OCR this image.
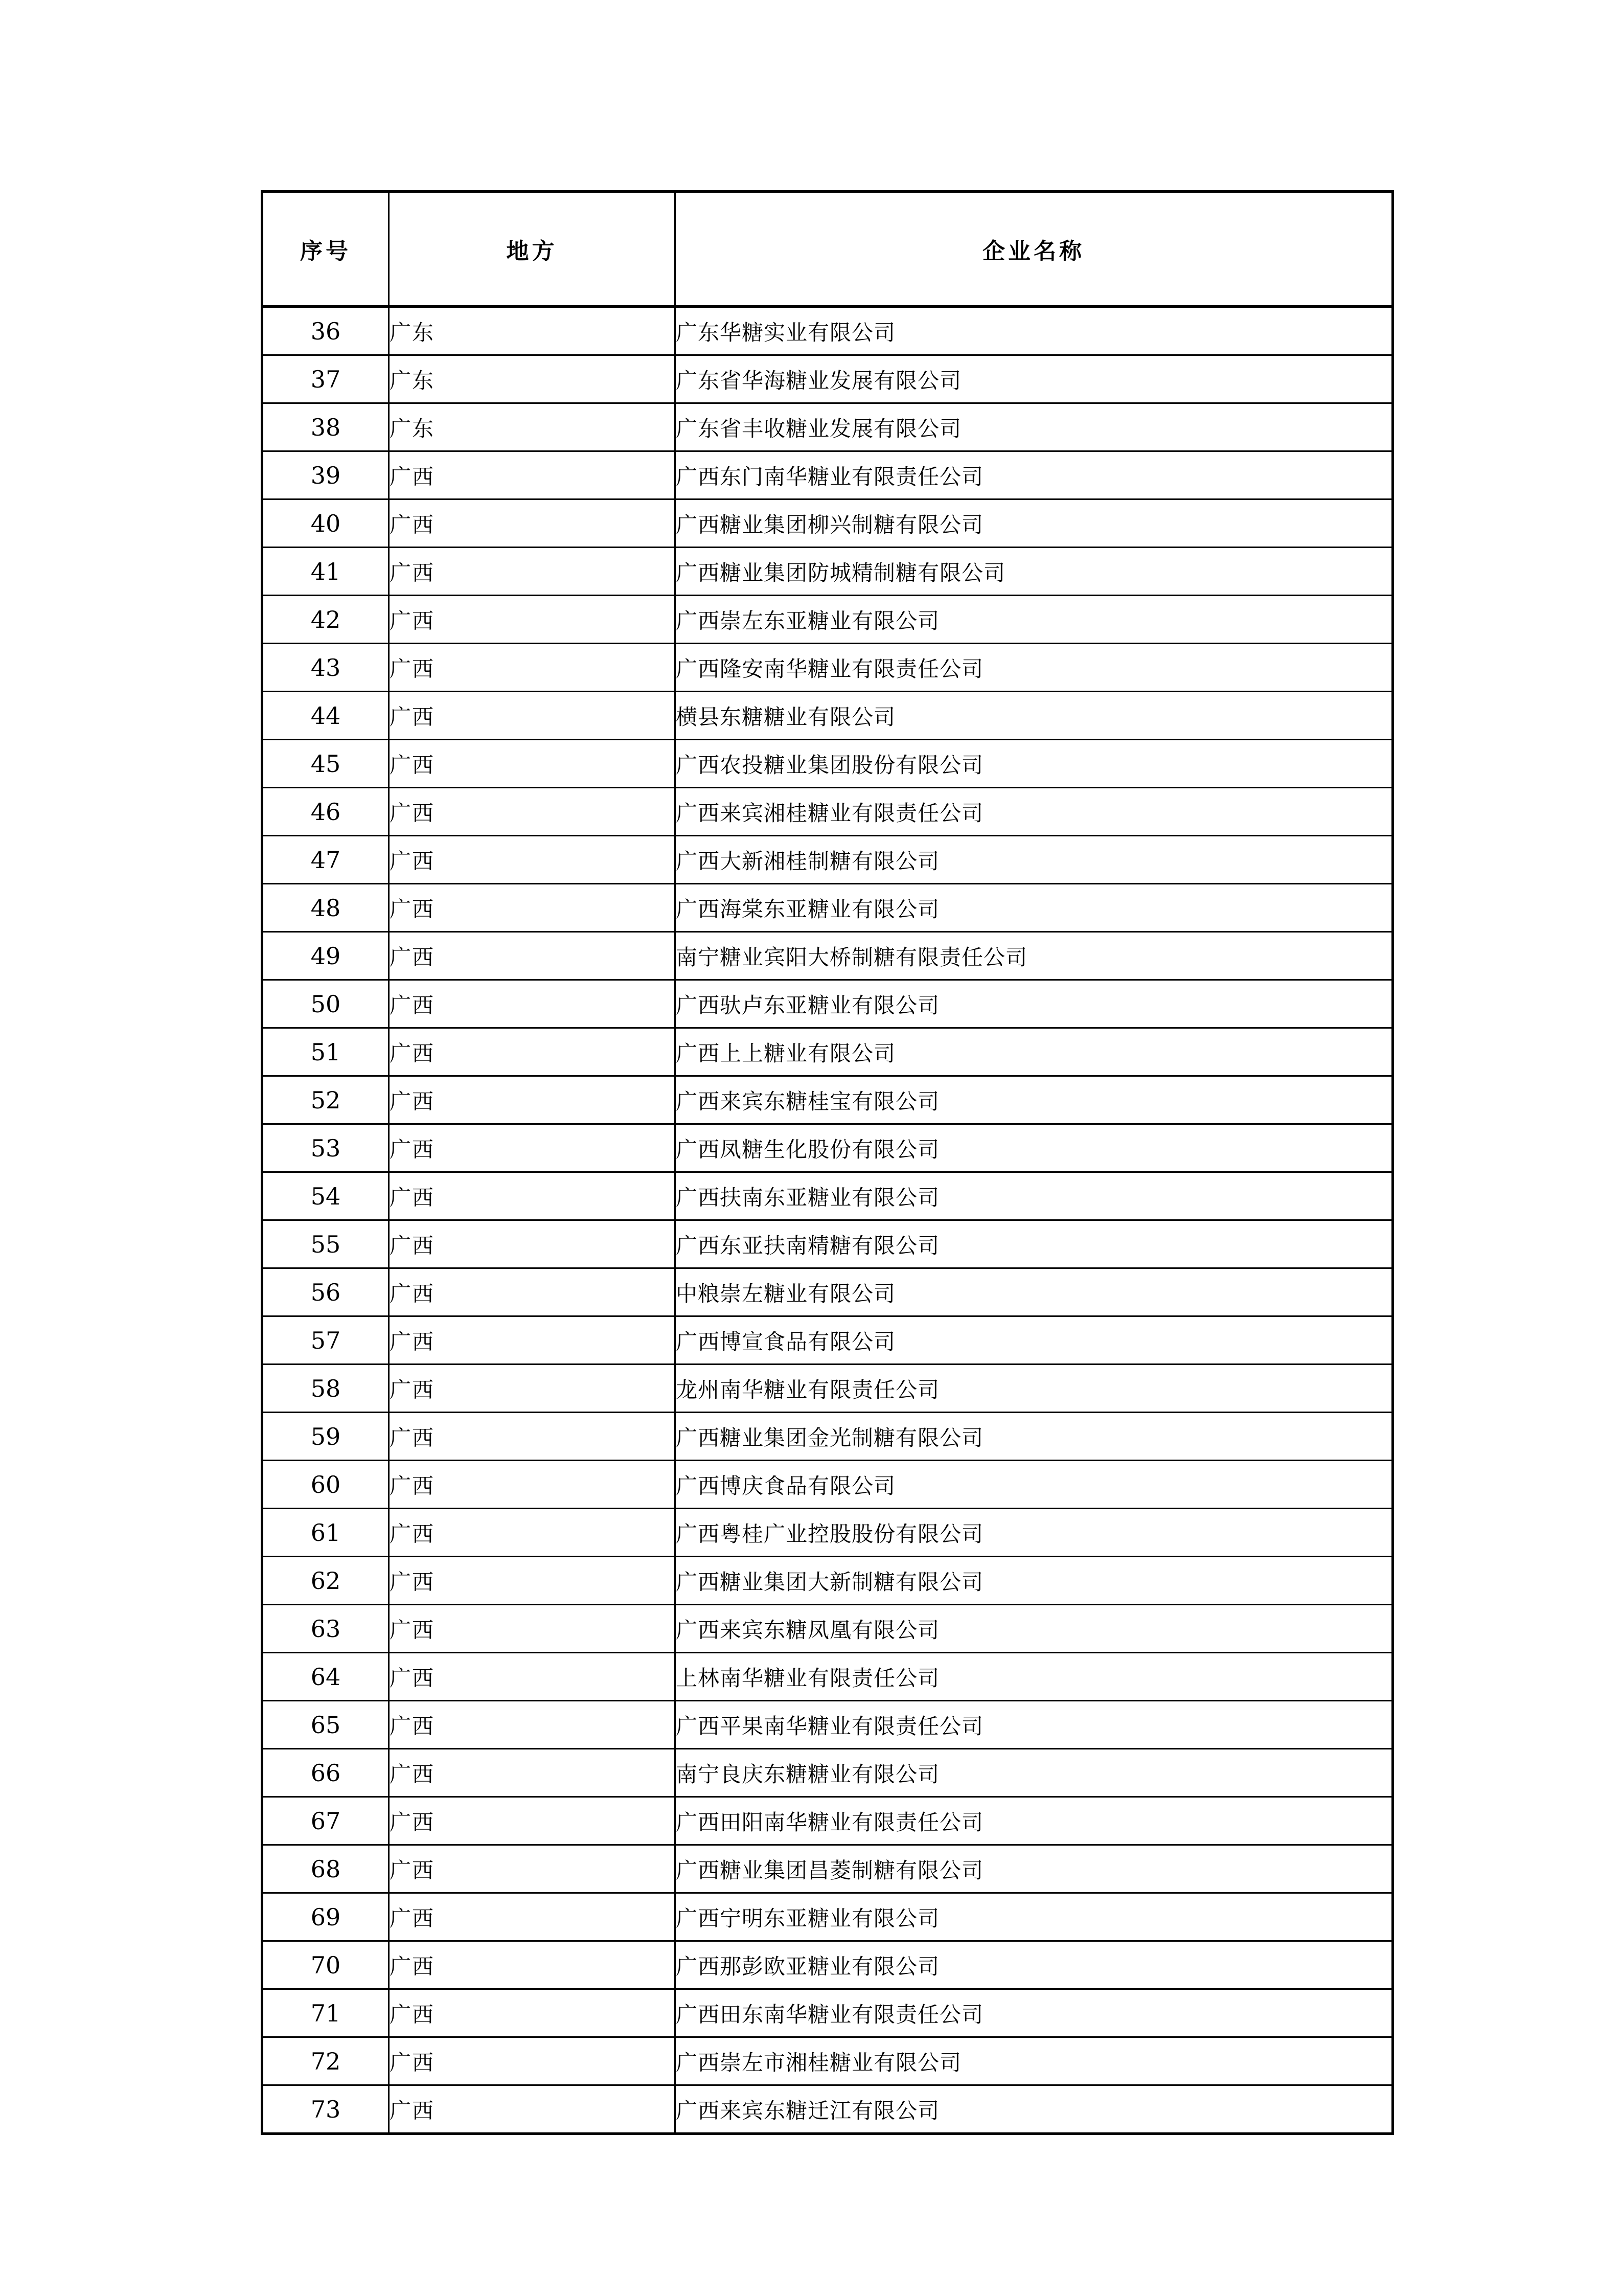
序号	地方	企业名称
36	广东	广东华糖实业有限公司
37	广东	广东省华海糖业发展有限公司
38	广东	广东省丰收糖业发展有限公司
39	广西	广西东门南华糖业有限责任公司
40	广西	广西糖业集团柳兴制糖有限公司
41	广西	广西糖业集团防城精制糖有限公司
42	广西	广西崇左东亚糖业有限公司
43	广西	广西隆安南华糖业有限责任公司
44	广西	横县东糖糖业有限公司
45	广西	广西农投糖业集团股份有限公司
46	广西	广西来宾湘桂糖业有限责任公司
47	广西	广西大新湘桂制糖有限公司
48	广西	广西海棠东亚糖业有限公司
49	广西	南宁糖业宾阳大桥制糖有限责任公司
50	广西	广西驮卢东亚糖业有限公司
51	广西	广西上上糖业有限公司
52	广西	广西来宾东糖桂宝有限公司
53	广西	广西凤糖生化股份有限公司
54	广西	广西扶南东亚糖业有限公司
55	广西	广西东亚扶南精糖有限公司
56	广西	中粮崇左糖业有限公司
57	广西	广西博宣食品有限公司
58	广西	龙州南华糖业有限责任公司
59	广西	广西糖业集团金光制糖有限公司
60	广西	广西博庆食品有限公司
61	广西	广西粤桂广业控股股份有限公司
62	广西	广西糖业集团大新制糖有限公司
63	广西	广西来宾东糖凤凰有限公司
64	广西	上林南华糖业有限责任公司
65	广西	广西平果南华糖业有限责任公司
66	广西	南宁良庆东糖糖业有限公司
67	广西	广西田阳南华糖业有限责任公司
68	广西	广西糖业集团昌菱制糖有限公司
69	广西	广西宁明东亚糖业有限公司
70	广西	广西那彭欧亚糖业有限公司
71	广西	广西田东南华糖业有限责任公司
72	广西	广西崇左市湘桂糖业有限公司
73	广西	广西来宾东糖迁江有限公司
